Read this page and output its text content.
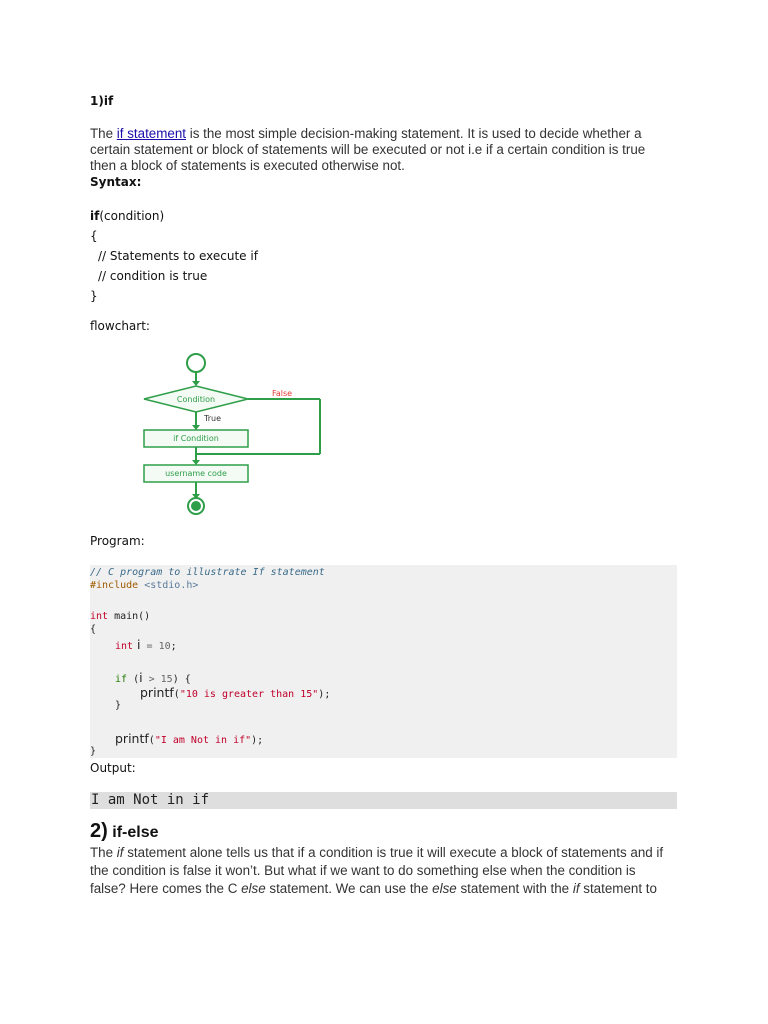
1)if
The if statement is the most simple decision-making statement. It is used to decide whether a certain statement or block of statements will be executed or not i.e if a certain condition is true then a block of statements is executed otherwise not.
Syntax:
if(condition)
{
// Statements to execute if
// condition is true
}
flowchart:
Condition
False
True
if Condition
username code
Program:
// C program to illustrate If statement
#include <stdio.h>
int main()
{
int i = 10;
if (i > 15) {
printf("10 is greater than 15");
}
printf("I am Not in if");
}
Output:
I am Not in if
2) if-else
The if statement alone tells us that if a condition is true it will execute a block of statements and if the condition is false it won’t. But what if we want to do something else when the condition is false? Here comes the C else statement. We can use the else statement with the if statement to
